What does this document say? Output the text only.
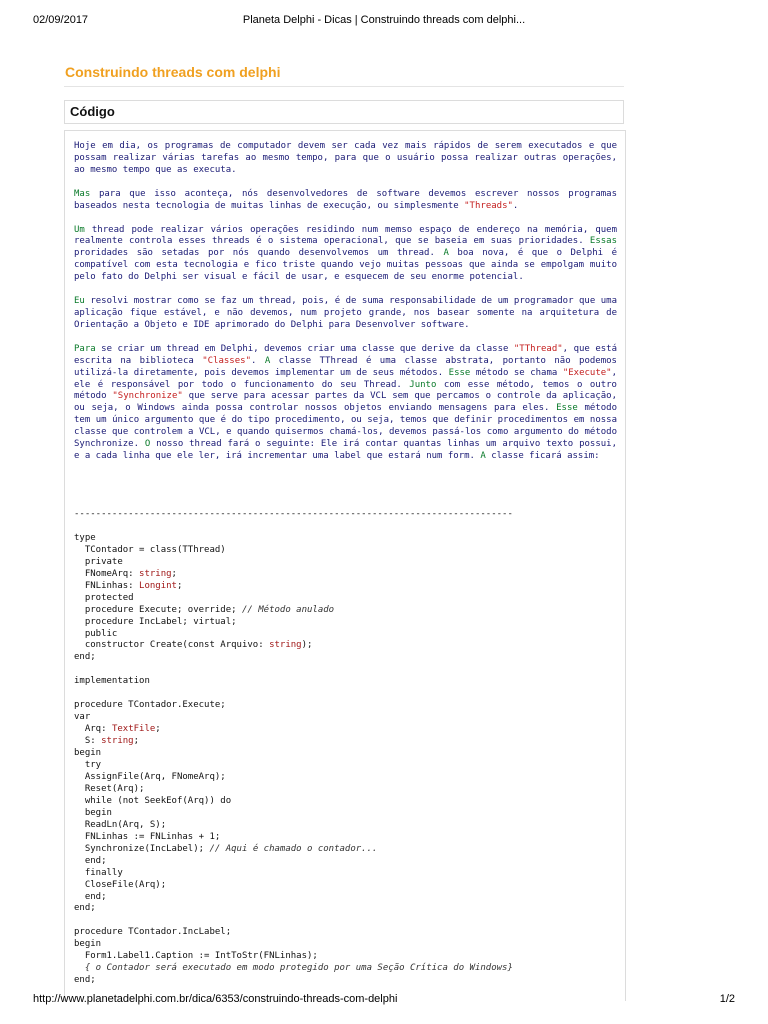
02/09/2017	Planeta Delphi - Dicas | Construindo threads com delphi...
Construindo threads com delphi
Código

Hoje em dia, os programas de computador devem ser cada vez mais rápidos de serem executados e que possam realizar várias tarefas ao mesmo tempo, para que o usuário possa realizar outras operações, ao mesmo tempo que as executa.

Mas para que isso aconteça, nós desenvolvedores de software devemos escrever nossos programas baseados nesta tecnologia de muitas linhas de execução, ou simplesmente "Threads".

Um thread pode realizar vários operações residindo num memso espaço de endereço na memória, quem realmente controla esses threads é o sistema operacional, que se baseia em suas prioridades. Essas proridades são setadas por nós quando desenvolvemos um thread. A boa nova, é que o Delphi é compatível com esta tecnologia e fico triste quando vejo muitas pessoas que ainda se empolgam muito pelo fato do Delphi ser visual e fácil de usar, e esquecem de seu enorme potencial.

Eu resolvi mostrar como se faz um thread, pois, é de suma responsabilidade de um programador que uma aplicação fique estável, e não devemos, num projeto grande, nos basear somente na arquitetura de Orientação a Objeto e IDE aprimorado do Delphi para Desenvolver software.

Para se criar um thread em Delphi, devemos criar uma classe que derive da classe "TThread", que está escrita na biblioteca "Classes". A classe TThread é uma classe abstrata, portanto não podemos utilizá-la diretamente, pois devemos implementar um de seus métodos. Esse método se chama "Execute", ele é responsável por todo o funcionamento do seu Thread. Junto com esse método, temos o outro método "Synchronize" que serve para acessar partes da VCL sem que percamos o controle da aplicação, ou seja, o Windows ainda possa controlar nossos objetos enviando mensagens para eles. Esse método tem um único argumento que é do tipo procedimento, ou seja, temos que definir procedimentos em nossa classe que controlem a VCL, e quando quisermos chamá-los, devemos passá-los como argumento do método Synchronize. O nosso thread fará o seguinte: Ele irá contar quantas linhas um arquivo texto possui, e a cada linha que ele ler, irá incrementar uma label que estará num form. A classe ficará assim:

---------------------------------------------------------------------------------

type
TContador = class(TThread)
private
FNomeArq: string;
FNLinhas: Longint;
protected
procedure Execute; override; // Método anulado
procedure IncLabel; virtual;
public
constructor Create(const Arquivo: string);
end;

implementation

procedure TContador.Execute;
var
Arq: TextFile;
S: string;
begin
try
AssignFile(Arq, FNomeArq);
Reset(Arq);
while (not SeekEof(Arq)) do
begin
ReadLn(Arq, S);
FNLinhas := FNLinhas + 1;
Synchronize(IncLabel); // Aqui é chamado o contador...
end;
finally
CloseFile(Arq);
end;
end;

procedure TContador.IncLabel;
begin
Form1.Label1.Caption := IntToStr(FNLinhas);
{ o Contador será executado em modo protegido por uma Seção Crítica do Windows}
end;
http://www.planetadelphi.com.br/dica/6353/construindo-threads-com-delphi	1/2
